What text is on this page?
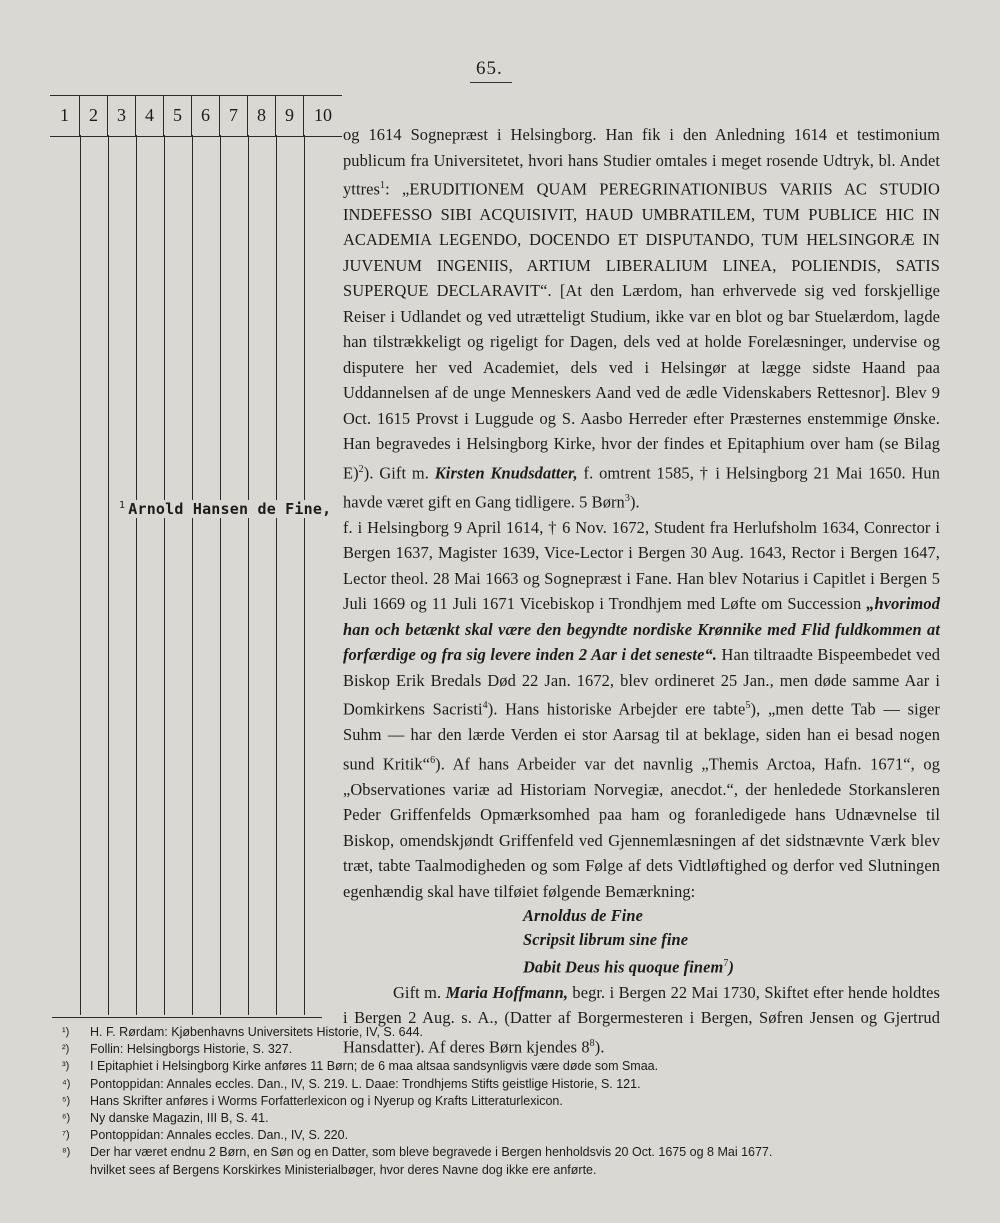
65.
1	2	3	4	5	6	7	8	9	10
$^1$ Arnold Hansen de Fine,

og 1614 Sognepræst i Helsingborg. Han fik i den Anledning 1614 et testimonium publicum fra Universitetet, hvori hans Studier omtales i meget rosende Udtryk, bl. Andet yttres$^1$: „ERUDITIONEM QUAM PEREGRINATIONIBUS VARIIS AC STUDIO INDEFESSO SIBI ACQUISIVIT, HAUD UMBRATILEM, TUM PUBLICE HIC IN ACADEMIA LEGENDO, DOCENDO ET DISPUTANDO, TUM HELSINGORÆ IN JUVENUM INGENIIS, ARTIUM LIBERALIUM LINEA, POLIENDIS, SATIS SUPERQUE DECLARAVIT“. [At den Lærdom, han erhvervede sig ved forskjellige Reiser i Udlandet og ved utrætteligt Studium, ikke var en blot og bar Stuelærdom, lagde han tilstrækkeligt og rigeligt for Dagen, dels ved at holde Forelæsninger, undervise og disputere her ved Academiet, dels ved i Helsingør at lægge sidste Haand paa Uddannelsen af de unge Menneskers Aand ved de ædle Videnskabers Rettesnor]. Blev 9 Oct. 1615 Provst i Luggude og S. Aasbo Herreder efter Præsternes enstemmige Ønske. Han begravedes i Helsingborg Kirke, hvor der findes et Epitaphium over ham (se Bilag E)$^2$). Gift m. Kirsten Knudsdatter, f. omtrent 1585, † i Helsingborg 21 Mai 1650. Hun havde været gift en Gang tidligere. 5 Børn$^3$).

f. i Helsingborg 9 April 1614, † 6 Nov. 1672, Student fra Herlufsholm 1634, Conrector i Bergen 1637, Magister 1639, Vice-Lector i Bergen 30 Aug. 1643, Rector i Bergen 1647, Lector theol. 28 Mai 1663 og Sognepræst i Fane. Han blev Notarius i Capitlet i Bergen 5 Juli 1669 og 11 Juli 1671 Vicebiskop i Trondhjem med Løfte om Succession „hvorimod han och betænkt skal være den begyndte nordiske Krønnike med Flid fuldkommen at forfærdige og fra sig levere inden 2 Aar i det seneste“. Han tiltraadte Bispeembedet ved Biskop Erik Bredals Død 22 Jan. 1672, blev ordineret 25 Jan., men døde samme Aar i Domkirkens Sacristi$^4$). Hans historiske Arbejder ere tabte$^5$), „men dette Tab — siger Suhm — har den lærde Verden ei stor Aarsag til at beklage, siden han ei besad nogen sund Kritik“$^6$). Af hans Arbeider var det navnlig „Themis Arctoa, Hafn. 1671“, og „Observationes variæ ad Historiam Norvegiæ, anecdot.“, der henledede Storkansleren Peder Griffenfelds Opmærksomhed paa ham og foranledigede hans Udnævnelse til Biskop, omendskjøndt Griffenfeld ved Gjennemlæsningen af det sidstnævnte Værk blev træt, tabte Taalmodigheden og som Følge af dets Vidtløftighed og derfor ved Slutningen egenhændig skal have tilføiet følgende Bemærkning:

Arnoldus de Fine
Scripsit librum sine fine
Dabit Deus his quoque finem$^7$)

Gift m. Maria Hoffmann, begr. i Bergen 22 Mai 1730, Skiftet efter hende holdtes i Bergen 2 Aug. s. A., (Datter af Borgermesteren i Bergen, Søfren Jensen og Gjertrud Hansdatter). Af deres Børn kjendes $8^8$).

¹)	H. F. Rørdam: Kjøbenhavns Universitets Historie, IV, S. 644.
²)	Follin: Helsingborgs Historie, S. 327.
³)	I Epitaphiet i Helsingborg Kirke anføres 11 Børn; de 6 maa altsaa sandsynligvis være døde som Smaa.
⁴)	Pontoppidan: Annales eccles. Dan., IV, S. 219. L. Daae: Trondhjems Stifts geistlige Historie, S. 121.
⁵)	Hans Skrifter anføres i Worms Forfatterlexicon og i Nyerup og Krafts Litteraturlexicon.
⁶)	Ny danske Magazin, III B, S. 41.
⁷)	Pontoppidan: Annales eccles. Dan., IV, S. 220.
⁸)	Der har været endnu 2 Børn, en Søn og en Datter, som bleve begravede i Bergen henholdsvis 20 Oct. 1675 og 8 Mai 1677.
hvilket sees af Bergens Korskirkes Ministerialbøger, hvor deres Navne dog ikke ere anførte.
